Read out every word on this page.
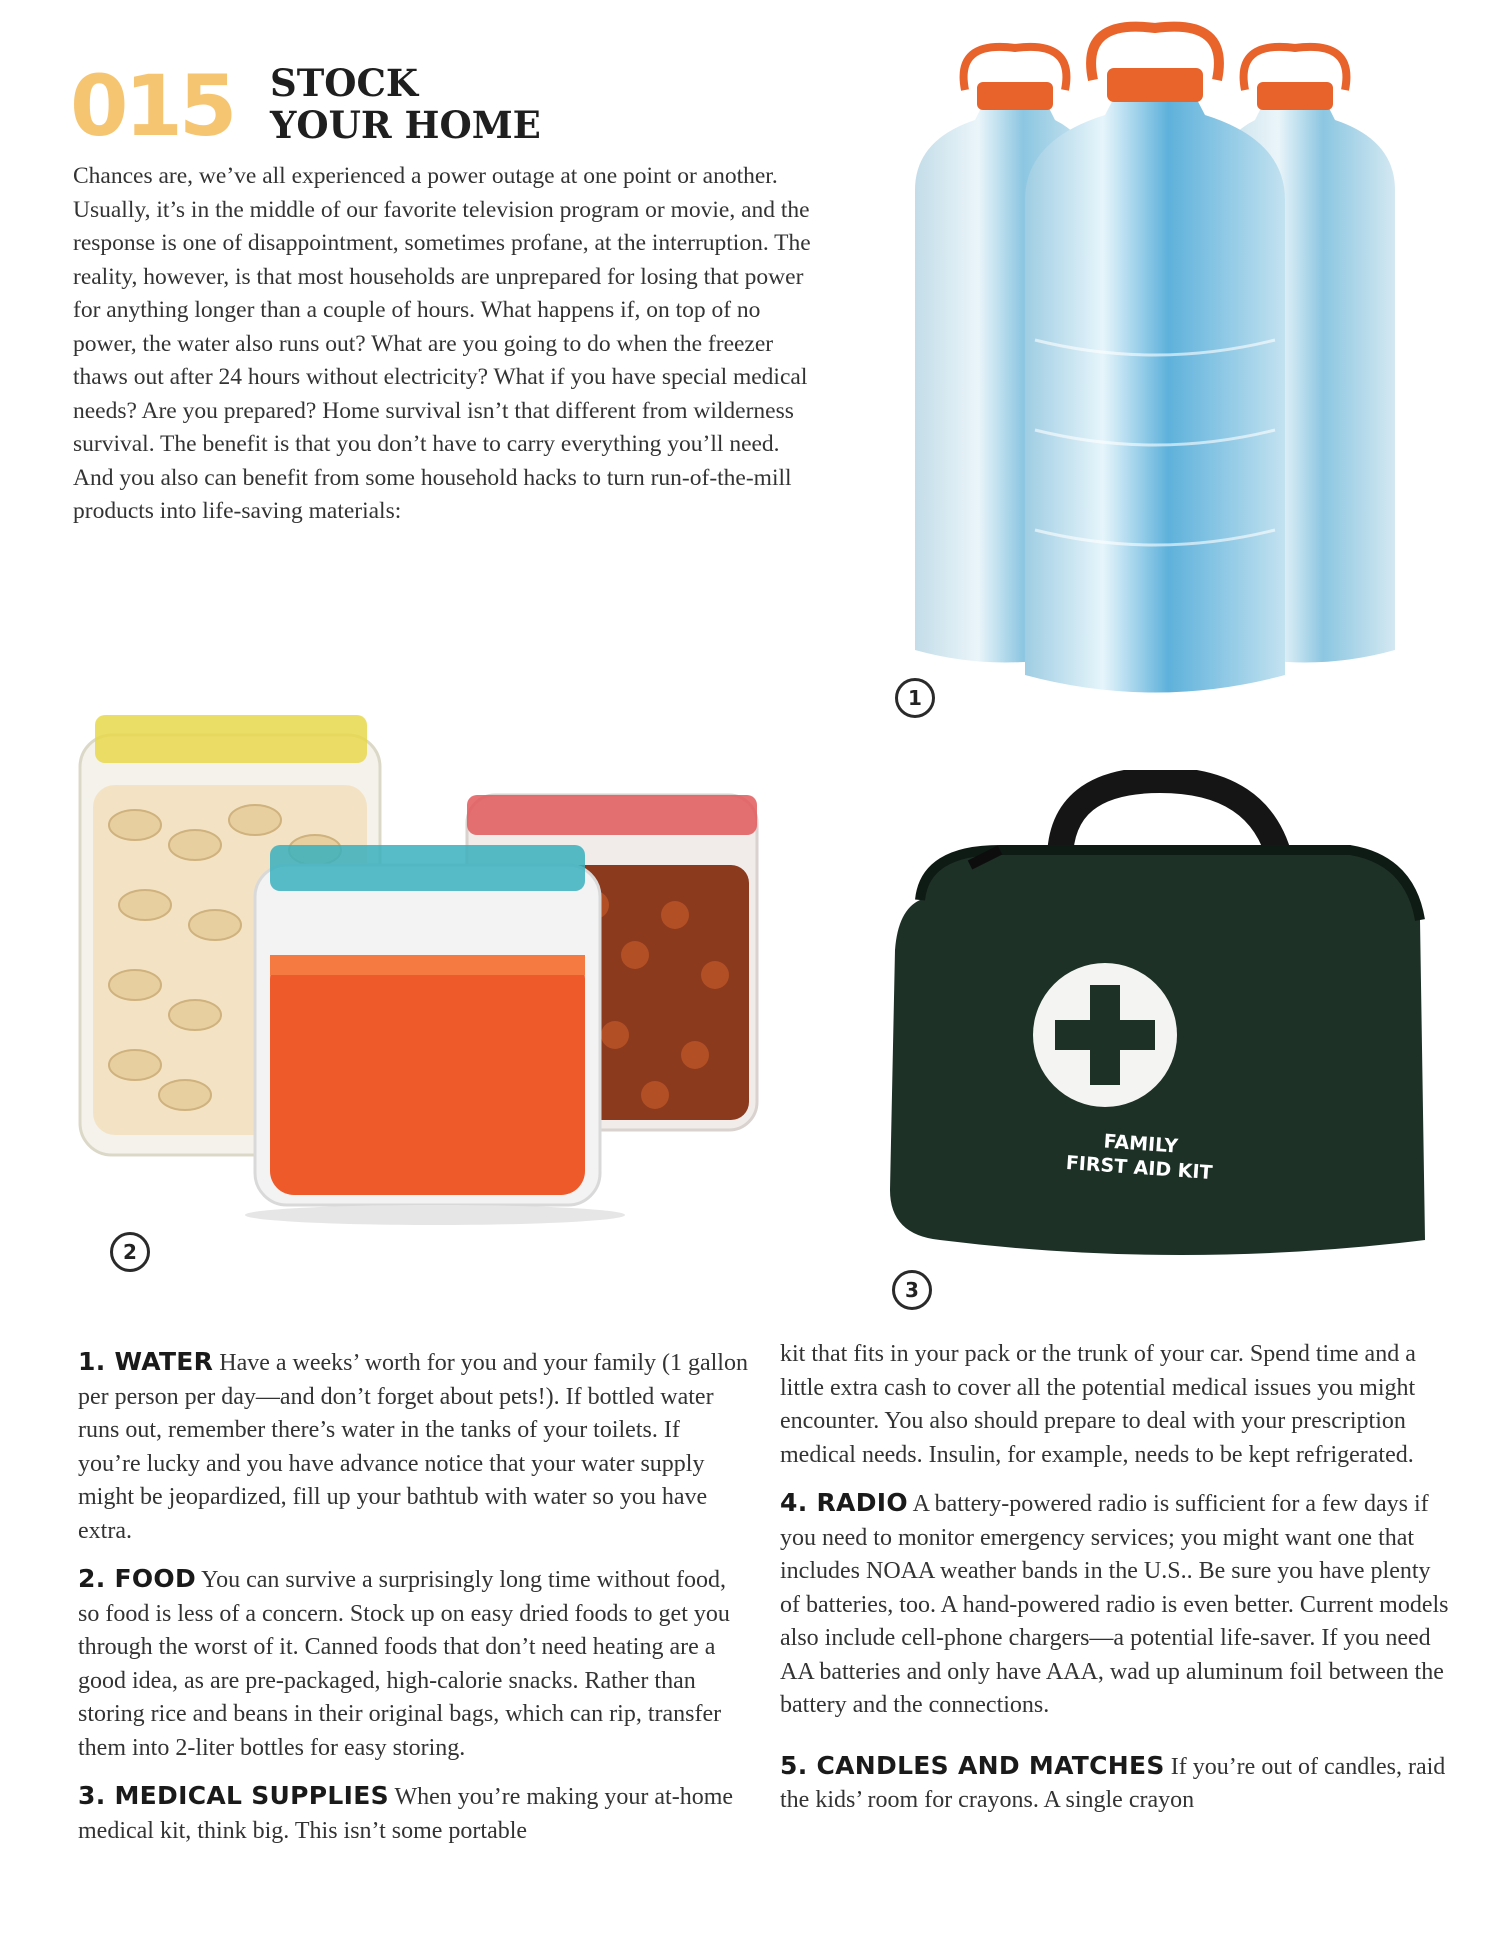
015 STOCK
YOUR HOME
Chances are, we’ve all experienced a power outage at one point or another. Usually, it’s in the middle of our favorite television program or movie, and the response is one of disappointment, sometimes profane, at the interruption. The reality, however, is that most households are unprepared for losing that power for anything longer than a couple of hours. What happens if, on top of no power, the water also runs out? What are you going to do when the freezer thaws out after 24 hours without electricity? What if you have special medical needs? Are you prepared? Home survival isn’t that different from wilderness survival. The benefit is that you don’t have to carry everything you’ll need. And you also can benefit from some household hacks to turn run-of-the-mill products into life-saving materials:
1
2
FAMILY
FIRST AID KIT
3

1. WATER Have a weeks’ worth for you and your family (1 gallon per person per day—and don’t forget about pets!). If bottled water runs out, remember there’s water in the tanks of your toilets. If you’re lucky and you have advance notice that your water supply might be jeopardized, fill up your bathtub with water so you have extra.

2. FOOD You can survive a surprisingly long time without food, so food is less of a concern. Stock up on easy dried foods to get you through the worst of it. Canned foods that don’t need heating are a good idea, as are pre-packaged, high-calorie snacks. Rather than storing rice and beans in their original bags, which can rip, transfer them into 2-liter bottles for easy storing.

3. MEDICAL SUPPLIES When you’re making your at-home medical kit, think big. This isn’t some portable

kit that fits in your pack or the trunk of your car. Spend time and a little extra cash to cover all the potential medical issues you might encounter. You also should prepare to deal with your prescription medical needs. Insulin, for example, needs to be kept refrigerated.

4. RADIO A battery-powered radio is sufficient for a few days if you need to monitor emergency services; you might want one that includes NOAA weather bands in the U.S.. Be sure you have plenty of batteries, too. A hand-powered radio is even better. Current models also include cell-phone chargers—a potential life-saver. If you need AA batteries and only have AAA, wad up aluminum foil between the battery and the connections.

5. CANDLES AND MATCHES If you’re out of candles, raid the kids’ room for crayons. A single crayon
